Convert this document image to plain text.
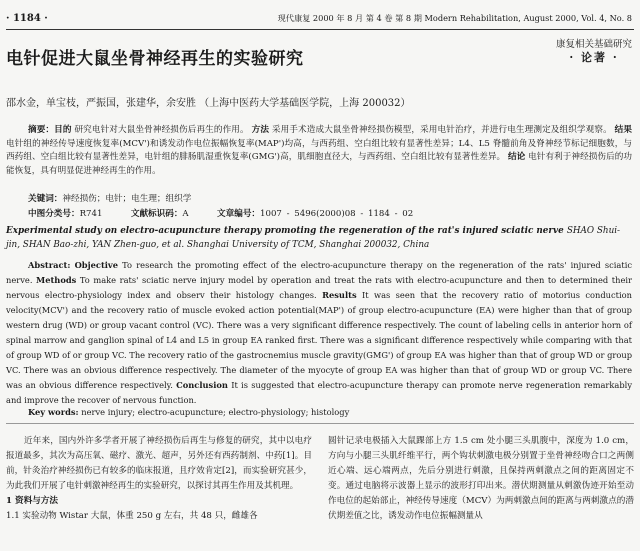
· 1184 ·	现代康复 2000 年 8 月 第 4 卷 第 8 期 Modern Rehabilitation, August 2000, Vol. 4, No. 8
电针促进大鼠坐骨神经再生的实验研究
康复相关基础研究
· 论著 ·
邵水金，单宝枝，严振国，张建华，余安胜 （上海中医药大学基础医学院，上海 200032）
摘要：目的 研究电针对大鼠坐骨神经损伤后再生的作用。 方法 采用手术造成大鼠坐骨神经损伤模型，采用电针治疗，并进行电生理测定及组织学观察。 结果 电针组的神经传导速度恢复率(MCV')和诱发动作电位振幅恢复率(MAP')均高，与西药组、空白组比较有显著性差异；L4、L5 脊髓前角及脊神经节标记细胞数，与西药组、空白组比较有显著性差异，电针组的腓肠肌湿重恢复率(GMG')高，肌细胞直径大，与西药组、空白组比较有显著性差异。 结论 电针有利于神经损伤后的功能恢复，具有明显促进神经再生的作用。
关键词：神经损伤；电针；电生理；组织学
中图分类号：R741	文献标识码：A	文章编号：1007 - 5496(2000)08 - 1184 - 02
Experimental study on electro-acupuncture therapy promoting the regeneration of the rat's injured sciatic nerve SHAO Shui-jin, SHAN Bao-zhi, YAN Zhen-guo, et al. Shanghai University of TCM, Shanghai 200032, China
Abstract: Objective To research the promoting effect of the electro-acupuncture therapy on the regeneration of the rats' injured sciatic nerve. Methods To make rats' sciatic nerve injury model by operation and treat the rats with electro-acupuncture and then to determined their nervous electro-physiology index and observ their histology changes. Results It was seen that the recovery ratio of motorius conduction velocity(MCV') and the recovery ratio of muscle evoked action potential(MAP') of group electro-acupuncture (EA) were higher than that of group western drug (WD) or group vacant control (VC). There was a very significant difference respectively. The count of labeling cells in anterior horn of spinal marrow and ganglion spinal of L4 and L5 in group EA ranked first. There was a significant difference respectively while comparing with that of group WD of or group VC. The recovery ratio of the gastrocnemius muscle gravity(GMG') of group EA was higher than that of group WD or group VC. There was an obvious difference respectively. The diameter of the myocyte of group EA was higher than that of group WD or group VC. There was an obvious difference respectively. Conclusion It is suggested that electro-acupuncture therapy can promote nerve regeneration remarkably and improve the recover of nervous function.
Key words: nerve injury; electro-acupuncture; electro-physiology; histology

近年来，国内外许多学者开展了神经损伤后再生与修复的研究，其中以电疗报道最多，其次为高压氧、磁疗、激光、超声，另外还有西药制剂、中药[1]。目前，针灸治疗神经损伤已有较多的临床报道，且疗效肯定[2]，而实验研究甚少，为此我们开展了电针刺激神经再生的实验研究，以探讨其再生作用及其机理。

1 资料与方法

1.1 实验动物 Wistar 大鼠，体重 250 g 左右，共 48 只，雌雄各

圆针记录电极插入大鼠踝部上方 1.5 cm 处小腿三头肌腹中，深度为 1.0 cm，方向与小腿三头肌纤维平行，两个钩状刺激电极分别置于坐骨神经吻合口之两侧近心端、远心端两点，先后分别进行刺激，且保持两刺激点之间的距离固定不变。通过电脑将示波器上显示的波形打印出来。潜伏期测量从刺激伪迹开始至动作电位的起始部止，神经传导速度（MCV）为两刺激点间的距离与两刺激点的潜伏期差值之比，诱发动作电位振幅测量从
